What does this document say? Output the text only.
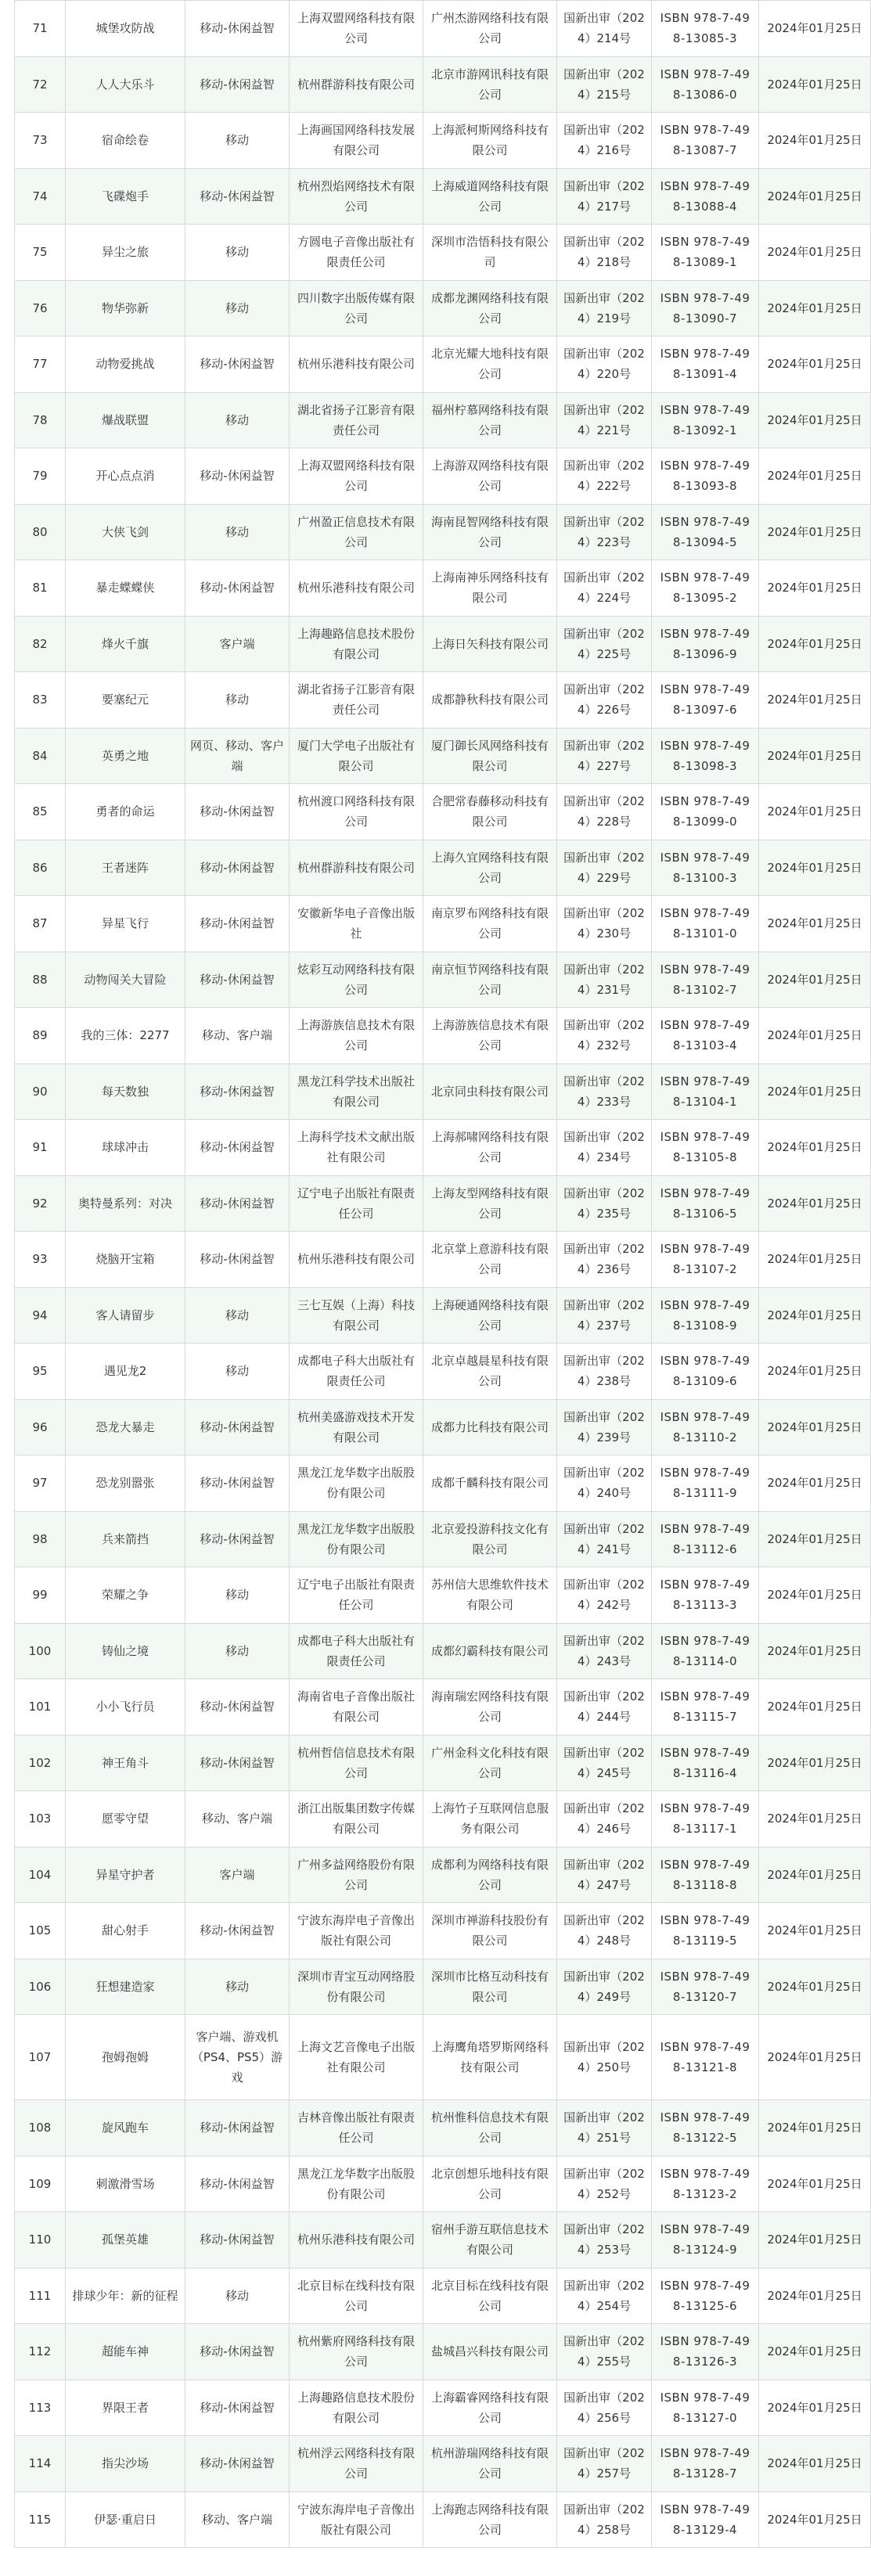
71	城堡攻防战	移动-休闲益智	上海双盟网络科技有限公司	广州杰游网络科技有限公司	国新出审（2024）214号	ISBN 978-7-498-13085-3	2024年01月25日
72	人人大乐斗	移动-休闲益智	杭州群游科技有限公司	北京市游网讯科技有限公司	国新出审（2024）215号	ISBN 978-7-498-13086-0	2024年01月25日
73	宿命绘卷	移动	上海画国网络科技发展有限公司	上海派柯斯网络科技有限公司	国新出审（2024）216号	ISBN 978-7-498-13087-7	2024年01月25日
74	飞碟炮手	移动-休闲益智	杭州烈焰网络技术有限公司	上海威道网络科技有限公司	国新出审（2024）217号	ISBN 978-7-498-13088-4	2024年01月25日
75	异尘之旅	移动	方圆电子音像出版社有限责任公司	深圳市浩悟科技有限公司	国新出审（2024）218号	ISBN 978-7-498-13089-1	2024年01月25日
76	物华弥新	移动	四川数字出版传媒有限公司	成都龙渊网络科技有限公司	国新出审（2024）219号	ISBN 978-7-498-13090-7	2024年01月25日
77	动物爱挑战	移动-休闲益智	杭州乐港科技有限公司	北京光耀大地科技有限公司	国新出审（2024）220号	ISBN 978-7-498-13091-4	2024年01月25日
78	爆战联盟	移动	湖北省扬子江影音有限责任公司	福州柠慕网络科技有限公司	国新出审（2024）221号	ISBN 978-7-498-13092-1	2024年01月25日
79	开心点点消	移动-休闲益智	上海双盟网络科技有限公司	上海游双网络科技有限公司	国新出审（2024）222号	ISBN 978-7-498-13093-8	2024年01月25日
80	大侠飞剑	移动	广州盈正信息技术有限公司	海南昆智网络科技有限公司	国新出审（2024）223号	ISBN 978-7-498-13094-5	2024年01月25日
81	暴走蝶蝶侠	移动-休闲益智	杭州乐港科技有限公司	上海南神乐网络科技有限公司	国新出审（2024）224号	ISBN 978-7-498-13095-2	2024年01月25日
82	烽火千旗	客户端	上海趣路信息技术股份有限公司	上海日矢科技有限公司	国新出审（2024）225号	ISBN 978-7-498-13096-9	2024年01月25日
83	要塞纪元	移动	湖北省扬子江影音有限责任公司	成都静秋科技有限公司	国新出审（2024）226号	ISBN 978-7-498-13097-6	2024年01月25日
84	英勇之地	网页、移动、客户端	厦门大学电子出版社有限公司	厦门御长风网络科技有限公司	国新出审（2024）227号	ISBN 978-7-498-13098-3	2024年01月25日
85	勇者的命运	移动-休闲益智	杭州渡口网络科技有限公司	合肥常春藤移动科技有限公司	国新出审（2024）228号	ISBN 978-7-498-13099-0	2024年01月25日
86	王者迷阵	移动-休闲益智	杭州群游科技有限公司	上海久宜网络科技有限公司	国新出审（2024）229号	ISBN 978-7-498-13100-3	2024年01月25日
87	异星飞行	移动-休闲益智	安徽新华电子音像出版社	南京罗布网络科技有限公司	国新出审（2024）230号	ISBN 978-7-498-13101-0	2024年01月25日
88	动物闯关大冒险	移动-休闲益智	炫彩互动网络科技有限公司	南京恒节网络科技有限公司	国新出审（2024）231号	ISBN 978-7-498-13102-7	2024年01月25日
89	我的三体：2277	移动、客户端	上海游族信息技术有限公司	上海游族信息技术有限公司	国新出审（2024）232号	ISBN 978-7-498-13103-4	2024年01月25日
90	每天数独	移动-休闲益智	黑龙江科学技术出版社有限公司	北京同虫科技有限公司	国新出审（2024）233号	ISBN 978-7-498-13104-1	2024年01月25日
91	球球冲击	移动-休闲益智	上海科学技术文献出版社有限公司	上海郝啸网络科技有限公司	国新出审（2024）234号	ISBN 978-7-498-13105-8	2024年01月25日
92	奥特曼系列：对决	移动-休闲益智	辽宁电子出版社有限责任公司	上海友型网络科技有限公司	国新出审（2024）235号	ISBN 978-7-498-13106-5	2024年01月25日
93	烧脑开宝箱	移动-休闲益智	杭州乐港科技有限公司	北京掌上意游科技有限公司	国新出审（2024）236号	ISBN 978-7-498-13107-2	2024年01月25日
94	客人请留步	移动	三七互娱（上海）科技有限公司	上海硬通网络科技有限公司	国新出审（2024）237号	ISBN 978-7-498-13108-9	2024年01月25日
95	遇见龙2	移动	成都电子科大出版社有限责任公司	北京卓越晨星科技有限公司	国新出审（2024）238号	ISBN 978-7-498-13109-6	2024年01月25日
96	恐龙大暴走	移动-休闲益智	杭州美盛游戏技术开发有限公司	成都力比科技有限公司	国新出审（2024）239号	ISBN 978-7-498-13110-2	2024年01月25日
97	恐龙别嚣张	移动-休闲益智	黑龙江龙华数字出版股份有限公司	成都千麟科技有限公司	国新出审（2024）240号	ISBN 978-7-498-13111-9	2024年01月25日
98	兵来箭挡	移动-休闲益智	黑龙江龙华数字出版股份有限公司	北京爱投游科技文化有限公司	国新出审（2024）241号	ISBN 978-7-498-13112-6	2024年01月25日
99	荣耀之争	移动	辽宁电子出版社有限责任公司	苏州信大思维软件技术有限公司	国新出审（2024）242号	ISBN 978-7-498-13113-3	2024年01月25日
100	铸仙之境	移动	成都电子科大出版社有限责任公司	成都幻霸科技有限公司	国新出审（2024）243号	ISBN 978-7-498-13114-0	2024年01月25日
101	小小飞行员	移动-休闲益智	海南省电子音像出版社有限公司	海南瑞宏网络科技有限公司	国新出审（2024）244号	ISBN 978-7-498-13115-7	2024年01月25日
102	神王角斗	移动-休闲益智	杭州哲信信息技术有限公司	广州金科文化科技有限公司	国新出审（2024）245号	ISBN 978-7-498-13116-4	2024年01月25日
103	愿零守望	移动、客户端	浙江出版集团数字传媒有限公司	上海竹子互联网信息服务有限公司	国新出审（2024）246号	ISBN 978-7-498-13117-1	2024年01月25日
104	异星守护者	客户端	广州多益网络股份有限公司	成都利为网络科技有限公司	国新出审（2024）247号	ISBN 978-7-498-13118-8	2024年01月25日
105	甜心射手	移动-休闲益智	宁波东海岸电子音像出版社有限公司	深圳市禅游科技股份有限公司	国新出审（2024）248号	ISBN 978-7-498-13119-5	2024年01月25日
106	狂想建造家	移动	深圳市青宝互动网络股份有限公司	深圳市比格互动科技有限公司	国新出审（2024）249号	ISBN 978-7-498-13120-7	2024年01月25日
107	孢姆孢姆	客户端、游戏机（PS4、PS5）游戏	上海文艺音像电子出版社有限公司	上海鹰角塔罗斯网络科技有限公司	国新出审（2024）250号	ISBN 978-7-498-13121-8	2024年01月25日
108	旋风跑车	移动-休闲益智	吉林音像出版社有限责任公司	杭州惟科信息技术有限公司	国新出审（2024）251号	ISBN 978-7-498-13122-5	2024年01月25日
109	刺激滑雪场	移动-休闲益智	黑龙江龙华数字出版股份有限公司	北京创想乐地科技有限公司	国新出审（2024）252号	ISBN 978-7-498-13123-2	2024年01月25日
110	孤堡英雄	移动-休闲益智	杭州乐港科技有限公司	宿州手游互联信息技术有限公司	国新出审（2024）253号	ISBN 978-7-498-13124-9	2024年01月25日
111	排球少年：新的征程	移动	北京目标在线科技有限公司	北京目标在线科技有限公司	国新出审（2024）254号	ISBN 978-7-498-13125-6	2024年01月25日
112	超能车神	移动-休闲益智	杭州紫府网络科技有限公司	盐城昌兴科技有限公司	国新出审（2024）255号	ISBN 978-7-498-13126-3	2024年01月25日
113	界限王者	移动-休闲益智	上海趣路信息技术股份有限公司	上海霸睿网络科技有限公司	国新出审（2024）256号	ISBN 978-7-498-13127-0	2024年01月25日
114	指尖沙场	移动-休闲益智	杭州浮云网络科技有限公司	杭州游瑞网络科技有限公司	国新出审（2024）257号	ISBN 978-7-498-13128-7	2024年01月25日
115	伊瑟·重启日	移动、客户端	宁波东海岸电子音像出版社有限公司	上海跑志网络科技有限公司	国新出审（2024）258号	ISBN 978-7-498-13129-4	2024年01月25日
